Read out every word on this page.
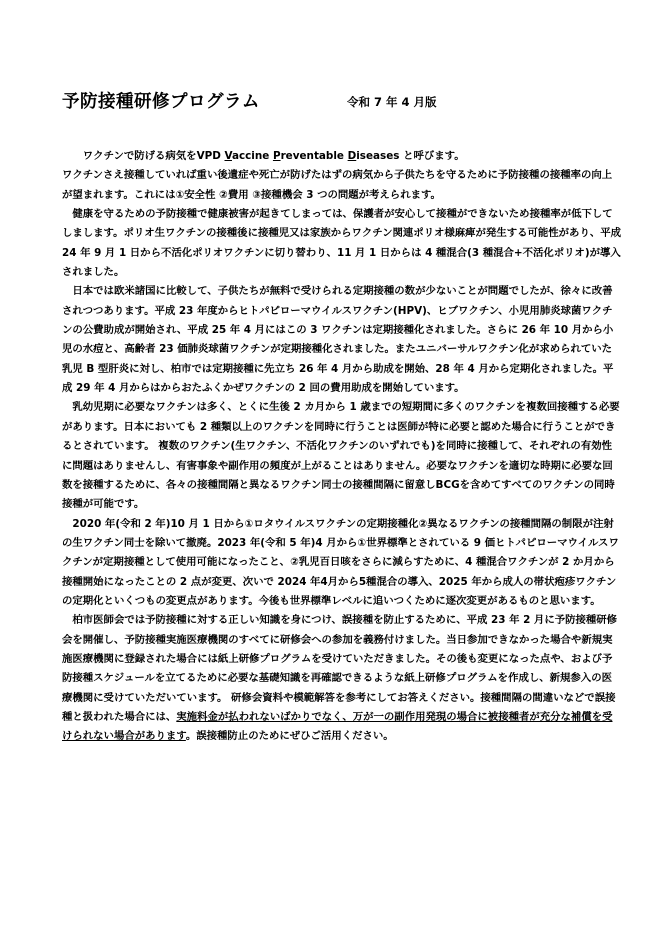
予防接種研修プログラム	令和 7 年 4 月版

ワクチンで防げる病気をVPD Vaccine Preventable Diseases と呼びます。

ワクチンさえ接種していれば重い後遺症や死亡が防げたはずの病気から子供たちを守るために予防接種の接種率の向上が望まれます。これには①安全性 ②費用 ③接種機会 3 つの問題が考えられます。

健康を守るための予防接種で健康被害が起きてしまっては、保護者が安心して接種ができないため接種率が低下してしまします。ポリオ生ワクチンの接種後に接種児又は家族からワクチン関連ポリオ様麻痺が発生する可能性があり、平成 24 年 9 月 1 日から不活化ポリオワクチンに切り替わり、11 月 1 日からは 4 種混合(3 種混合+不活化ポリオ)が導入されました。

日本では欧米諸国に比較して、子供たちが無料で受けられる定期接種の数が少ないことが問題でしたが、徐々に改善されつつあります。平成 23 年度からヒトパピローマウイルスワクチン(HPV)、ヒブワクチン、小児用肺炎球菌ワクチンの公費助成が開始され、平成 25 年 4 月にはこの 3 ワクチンは定期接種化されました。さらに 26 年 10 月から小児の水痘と、高齢者 23 価肺炎球菌ワクチンが定期接種化されました。またユニバーサルワクチン化が求められていた乳児 B 型肝炎に対し、柏市では定期接種に先立ち 26 年 4 月から助成を開始、28 年 4 月から定期化されました。平成 29 年 4 月からはからおたふくかぜワクチンの 2 回の費用助成を開始しています。

乳幼児期に必要なワクチンは多く、とくに生後 2 カ月から 1 歳までの短期間に多くのワクチンを複数回接種する必要があります。日本においても 2 種類以上のワクチンを同時に行うことは医師が特に必要と認めた場合に行うことができるとされています。 複数のワクチン(生ワクチン、不活化ワクチンのいずれでも)を同時に接種して、それぞれの有効性に問題はありませんし、有害事象や副作用の頻度が上がることはありません。必要なワクチンを適切な時期に必要な回数を接種するために、各々の接種間隔と異なるワクチン同士の接種間隔に留意しBCGを含めてすべてのワクチンの同時接種が可能です。

2020 年(令和 2 年)10 月 1 日から①ロタウイルスワクチンの定期接種化②異なるワクチンの接種間隔の制限が注射の生ワクチン同士を除いて撤廃。2023 年(令和 5 年)4 月から①世界標準とされている 9 価ヒトパピローマウイルスワクチンが定期接種として使用可能になったこと、②乳児百日咳をさらに減らすために、4 種混合ワクチンが 2 か月から接種開始になったことの 2 点が変更、次いで 2024 年4月から5種混合の導入、2025 年から成人の帯状疱疹ワクチンの定期化といくつもの変更点があります。今後も世界標準レベルに追いつくために逐次変更があるものと思います。

柏市医師会では予防接種に対する正しい知識を身につけ、誤接種を防止するために、平成 23 年 2 月に予防接種研修会を開催し、予防接種実施医療機関のすべてに研修会への参加を義務付けました。当日参加できなかった場合や新規実施医療機関に登録された場合には紙上研修プログラムを受けていただきました。その後も変更になった点や、および予防接種スケジュールを立てるために必要な基礎知識を再確認できるような紙上研修プログラムを作成し、新規参入の医療機関に受けていただいています。 研修会資料や模範解答を参考にしてお答えください。接種間隔の間違いなどで誤接種と扱われた場合には、実施料金が払われないばかりでなく、万が一の副作用発現の場合に被接種者が充分な補償を受けられない場合があります。誤接種防止のためにぜひご活用ください。
